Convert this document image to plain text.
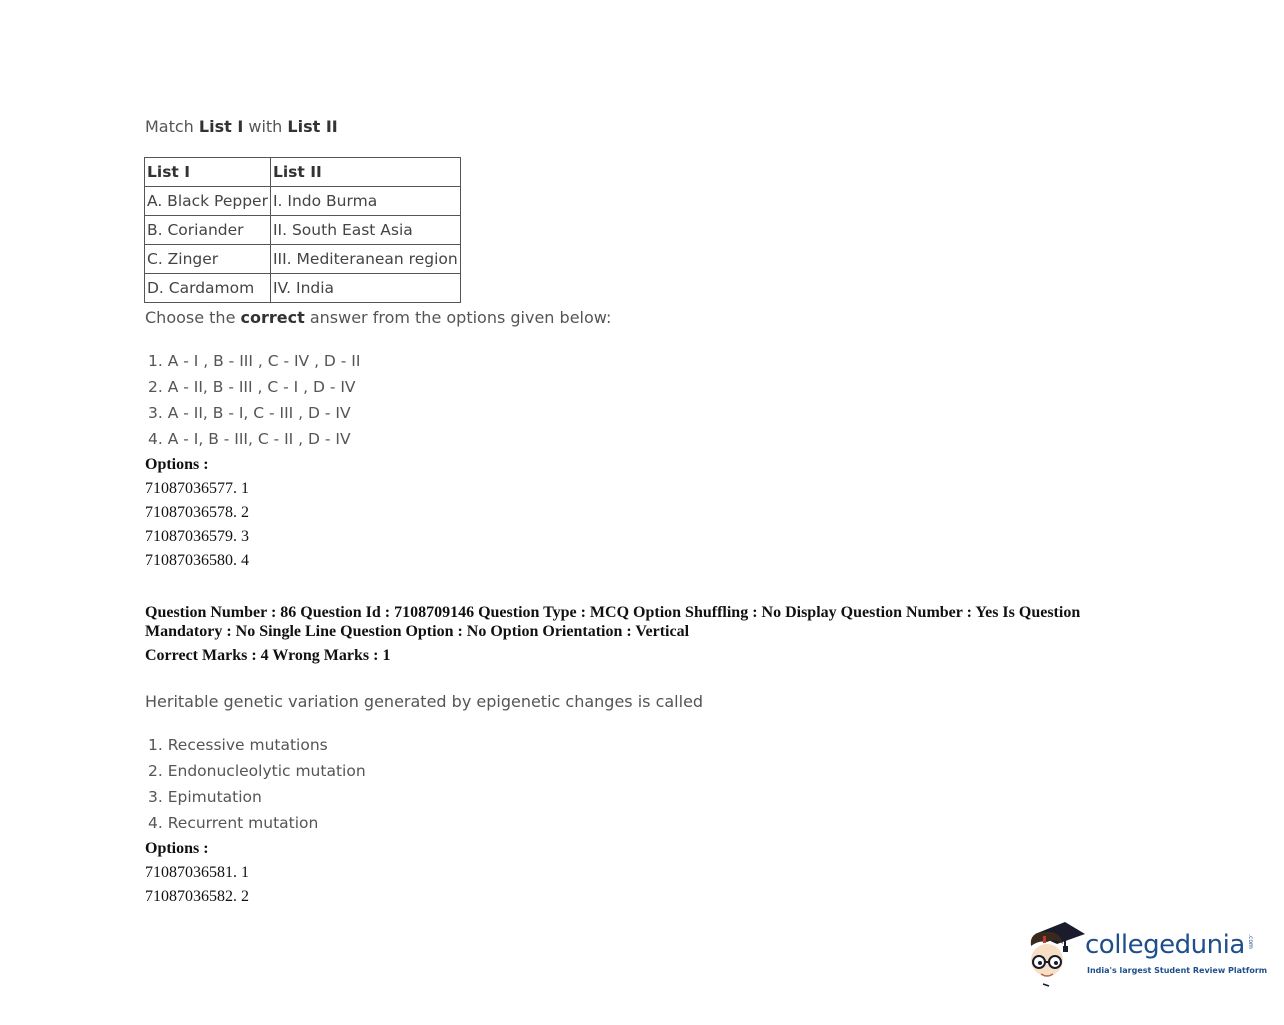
Match List I with List II
List I	List II
A. Black Pepper	I. Indo Burma
B. Coriander	II. South East Asia
C. Zinger	III. Mediteranean region
D. Cardamom	IV. India
Choose the correct answer from the options given below:
1. A - I , B - III , C - IV , D - II
2. A - II, B - III , C - I , D - IV
3. A - II, B - I, C - III , D - IV
4. A - I, B - III, C - II , D - IV
Options :
71087036577. 1
71087036578. 2
71087036579. 3
71087036580. 4
Question Number : 86 Question Id : 7108709146 Question Type : MCQ Option Shuffling : No Display Question Number : Yes Is Question Mandatory : No Single Line Question Option : No Option Orientation : Vertical
Correct Marks : 4 Wrong Marks : 1
Heritable genetic variation generated by epigenetic changes is called
1. Recessive mutations
2. Endonucleolytic mutation
3. Epimutation
4. Recurrent mutation
Options :
71087036581. 1
71087036582. 2
collegedunia .com
India's largest Student Review Platform
